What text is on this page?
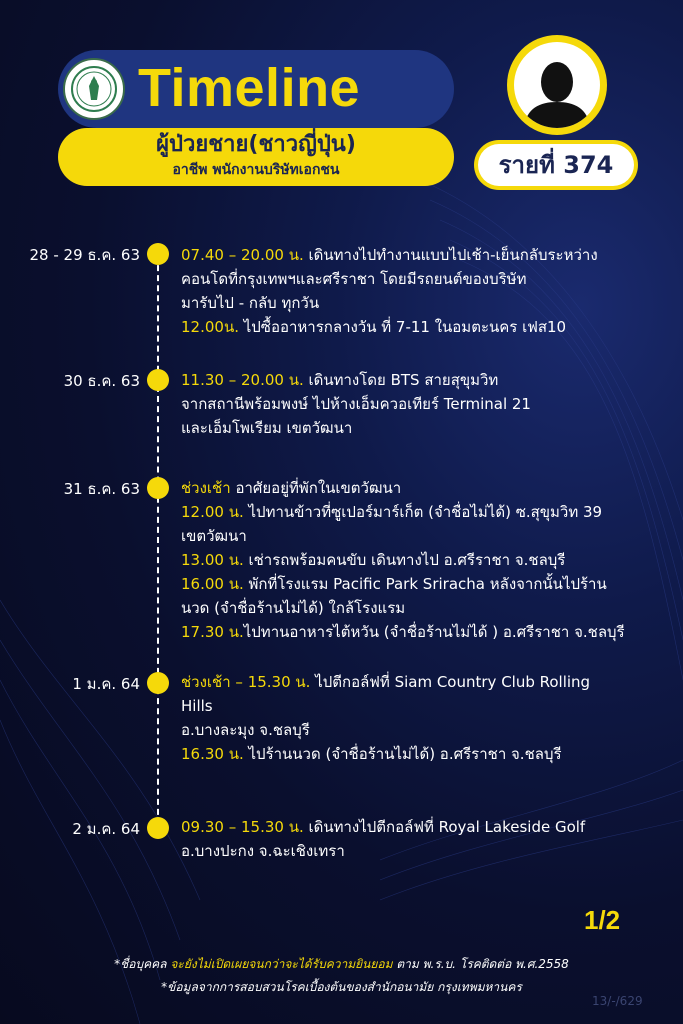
Timeline
ผู้ป่วยชาย(ชาวญี่ปุ่น)
อาชีพ พนักงานบริษัทเอกชน	รายที่ 374
28 - 29 ธ.ค. 63	07.40 – 20.00 น. เดินทางไปทำงานแบบไปเช้า-เย็นกลับระหว่าง
คอนโดที่กรุงเทพฯและศรีราชา โดยมีรถยนต์ของบริษัท
มารับไป - กลับ ทุกวัน
12.00น. ไปซื้ออาหารกลางวัน ที่ 7-11 ในอมตะนคร เฟส10
30 ธ.ค. 63	11.30 – 20.00 น. เดินทางโดย BTS สายสุขุมวิท
จากสถานีพร้อมพงษ์ ไปห้างเอ็มควอเทียร์ Terminal 21
และเอ็มโพเรียม เขตวัฒนา
31 ธ.ค. 63	ช่วงเช้า อาศัยอยู่ที่พักในเขตวัฒนา
12.00 น. ไปทานข้าวที่ซูเปอร์มาร์เก็ต (จำชื่อไม่ได้) ซ.สุขุมวิท 39
เขตวัฒนา
13.00 น. เช่ารถพร้อมคนขับ เดินทางไป อ.ศรีราชา จ.ชลบุรี
16.00 น. พักที่โรงแรม Pacific Park Sriracha หลังจากนั้นไปร้าน
นวด (จำชื่อร้านไม่ได้) ใกล้โรงแรม
17.30 น.ไปทานอาหารไต้หวัน (จำชื่อร้านไม่ได้ ) อ.ศรีราชา จ.ชลบุรี
1 ม.ค. 64	ช่วงเช้า – 15.30 น. ไปตีกอล์ฟที่ Siam Country Club Rolling
Hills
อ.บางละมุง จ.ชลบุรี
16.30 น. ไปร้านนวด (จำชื่อร้านไม่ได้) อ.ศรีราชา จ.ชลบุรี
2 ม.ค. 64	09.30 – 15.30 น. เดินทางไปตีกอล์ฟที่ Royal Lakeside Golf
อ.บางปะกง จ.ฉะเชิงเทรา
1/2
*ชื่อบุคคล จะยังไม่เปิดเผยจนกว่าจะได้รับความยินยอม ตาม พ.ร.บ. โรคติดต่อ พ.ศ.2558
*ข้อมูลจากการสอบสวนโรคเบื้องต้นของสำนักอนามัย กรุงเทพมหานคร
13/-/629
